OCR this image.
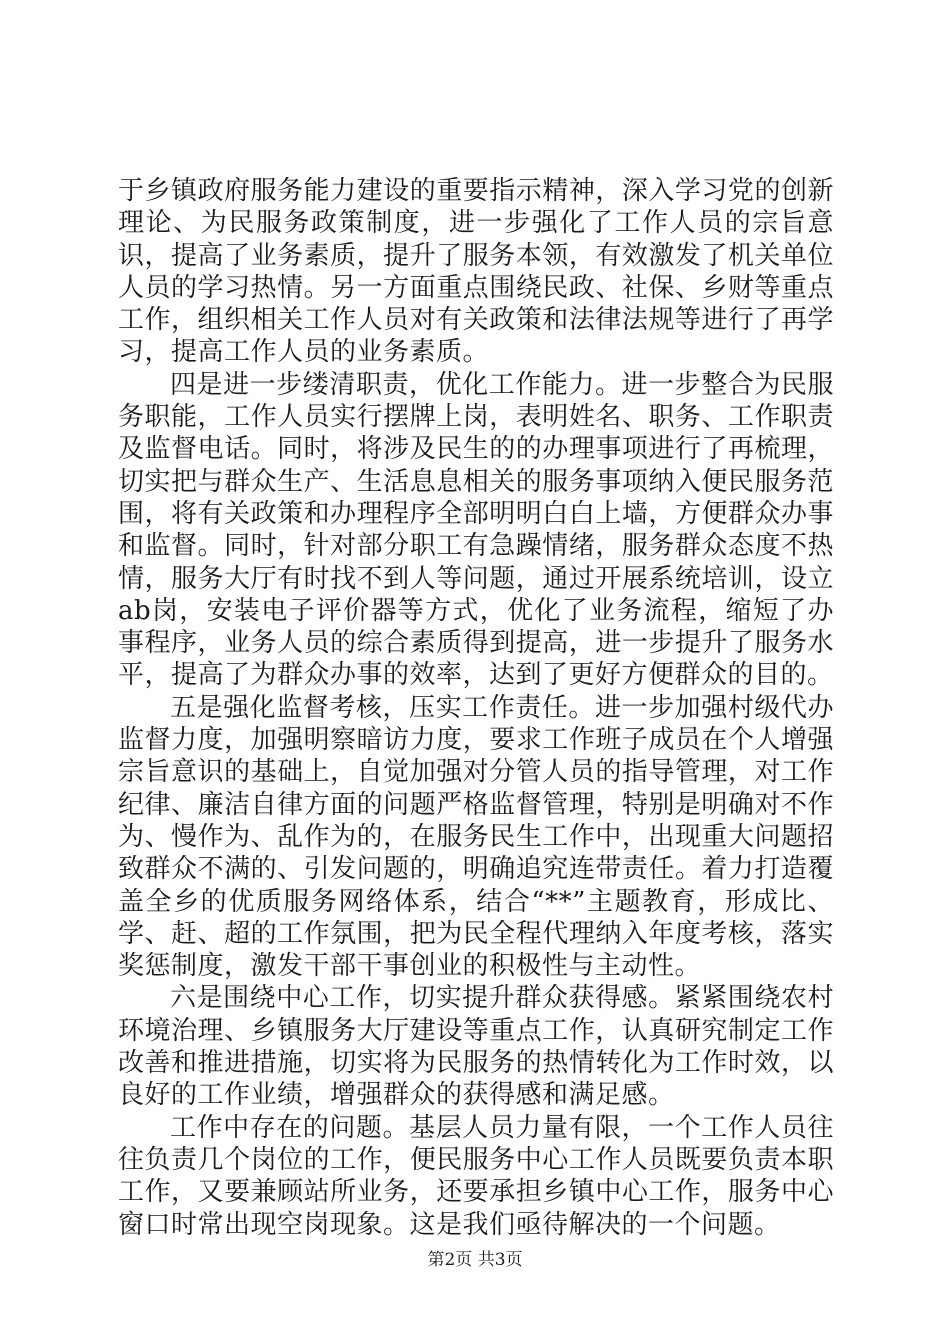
于乡镇政府服务能力建设的重要指示精神，深入学习党的创新理论、为民服务政策制度，进一步强化了工作人员的宗旨意识，提高了业务素质，提升了服务本领，有效激发了机关单位人员的学习热情。另一方面重点围绕民政、社保、乡财等重点工作，组织相关工作人员对有关政策和法律法规等进行了再学习，提高工作人员的业务素质。

四是进一步缕清职责，优化工作能力。进一步整合为民服务职能，工作人员实行摆牌上岗，表明姓名、职务、工作职责及监督电话。同时，将涉及民生的的办理事项进行了再梳理，切实把与群众生产、生活息息相关的服务事项纳入便民服务范围，将有关政策和办理程序全部明明白白上墙，方便群众办事和监督。同时，针对部分职工有急躁情绪，服务群众态度不热情，服务大厅有时找不到人等问题，通过开展系统培训，设立ab岗，安装电子评价器等方式，优化了业务流程，缩短了办事程序，业务人员的综合素质得到提高，进一步提升了服务水平，提高了为群众办事的效率，达到了更好方便群众的目的。

五是强化监督考核，压实工作责任。进一步加强村级代办监督力度，加强明察暗访力度，要求工作班子成员在个人增强宗旨意识的基础上，自觉加强对分管人员的指导管理，对工作纪律、廉洁自律方面的问题严格监督管理，特别是明确对不作为、慢作为、乱作为的，在服务民生工作中，出现重大问题招致群众不满的、引发问题的，明确追究连带责任。着力打造覆盖全乡的优质服务网络体系，结合“**”主题教育，形成比、学、赶、超的工作氛围，把为民全程代理纳入年度考核，落实奖惩制度，激发干部干事创业的积极性与主动性。

六是围绕中心工作，切实提升群众获得感。紧紧围绕农村环境治理、乡镇服务大厅建设等重点工作，认真研究制定工作改善和推进措施，切实将为民服务的热情转化为工作时效，以良好的工作业绩，增强群众的获得感和满足感。

工作中存在的问题。基层人员力量有限，一个工作人员往往负责几个岗位的工作，便民服务中心工作人员既要负责本职工作，又要兼顾站所业务，还要承担乡镇中心工作，服务中心窗口时常出现空岗现象。这是我们亟待解决的一个问题。

第2页 共3页
